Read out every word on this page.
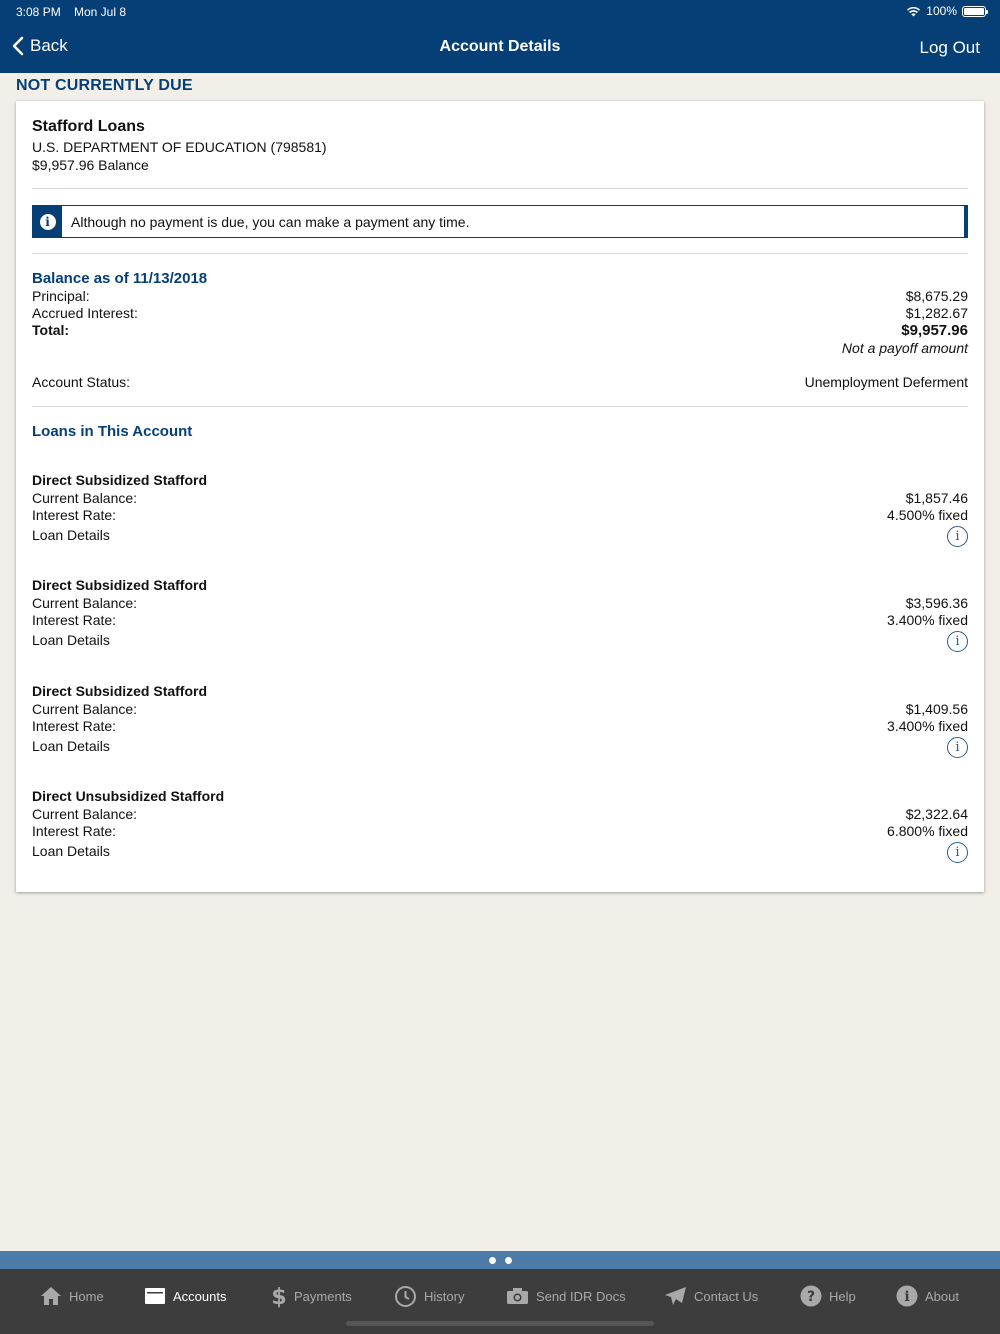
3:08 PM Mon Jul 8	100%
Back	Account Details	Log Out
NOT CURRENTLY DUE
Stafford Loans
U.S. DEPARTMENT OF EDUCATION (798581)
$9,957.96 Balance
i	Although no payment is due, you can make a payment any time.
Balance as of 11/13/2018
Principal:	$8,675.29
Accrued Interest:	$1,282.67
Total:	$9,957.96
Not a payoff amount
Account Status:	Unemployment Deferment
Loans in This Account
Direct Subsidized Stafford
Current Balance:	$1,857.46
Interest Rate:	4.500% fixed
Loan Details	i
Direct Subsidized Stafford
Current Balance:	$3,596.36
Interest Rate:	3.400% fixed
Loan Details	i
Direct Subsidized Stafford
Current Balance:	$1,409.56
Interest Rate:	3.400% fixed
Loan Details	i
Direct Unsubsidized Stafford
Current Balance:	$2,322.64
Interest Rate:	6.800% fixed
Loan Details	i
Home	Accounts $ Payments	History	Send IDR Docs	Contact Us	? Help	i About
